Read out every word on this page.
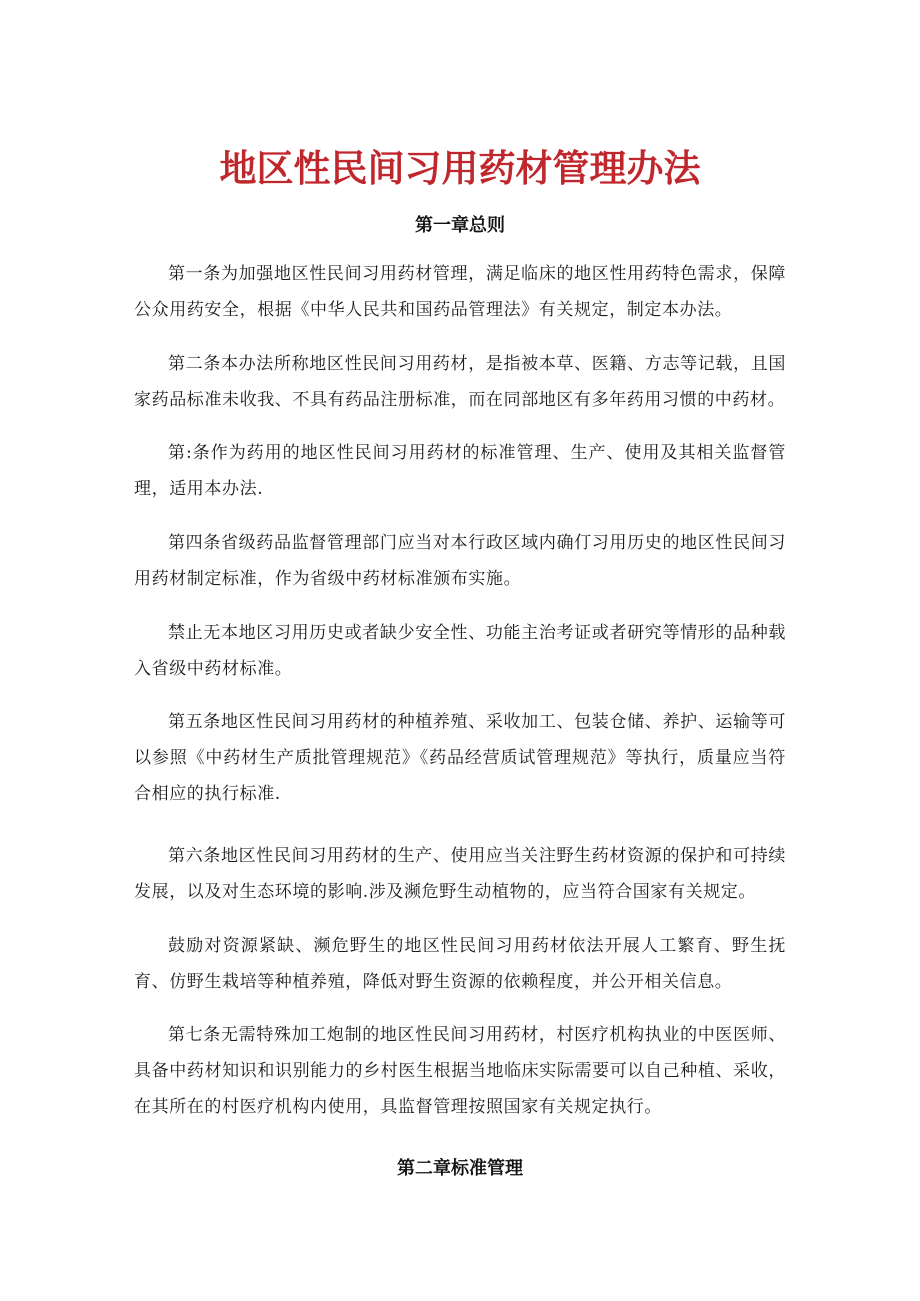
地区性民间习用药材管理办法
第一章总则

第一条为加强地区性民间习用药材管理，满足临床的地区性用药特色需求，保障公众用药安全，根据《中华人民共和国药品管理法》有关规定，制定本办法。

第二条本办法所称地区性民间习用药材，是指被本草、医籍、方志等记载，且国家药品标准未收我、不具有药品注册标准，而在同部地区有多年药用习惯的中药材。

第:条作为药用的地区性民间习用药材的标准管理、生产、使用及其相关监督管理，适用本办法.

第四条省级药品监督管理部门应当对本行政区域内确仃习用历史的地区性民间习用药材制定标准，作为省级中药材标准颁布实施。

禁止无本地区习用历史或者缺少安全性、功能主治考证或者研究等情形的品种载入省级中药材标准。

第五条地区性民间习用药材的种植养殖、采收加工、包装仓储、养护、运输等可以参照《中药材生产质批管理规范》《药品经营质试管理规范》等执行，质量应当符合相应的执行标准.

第六条地区性民间习用药材的生产、使用应当关注野生药材资源的保护和可持续发展，以及对生态环境的影响.涉及濒危野生动植物的，应当符合国家有关规定。

鼓励对资源紧缺、濒危野生的地区性民间习用药材依法开展人工繁育、野生抚育、仿野生栽培等种植养殖，降低对野生资源的依赖程度，并公开相关信息。

第七条无需特殊加工炮制的地区性民间习用药材，村医疗机构执业的中医医师、具备中药材知识和识别能力的乡村医生根据当地临床实际需要可以自己种植、采收，在其所在的村医疗机构内使用，具监督管理按照国家有关规定执行。

第二章标准管理
